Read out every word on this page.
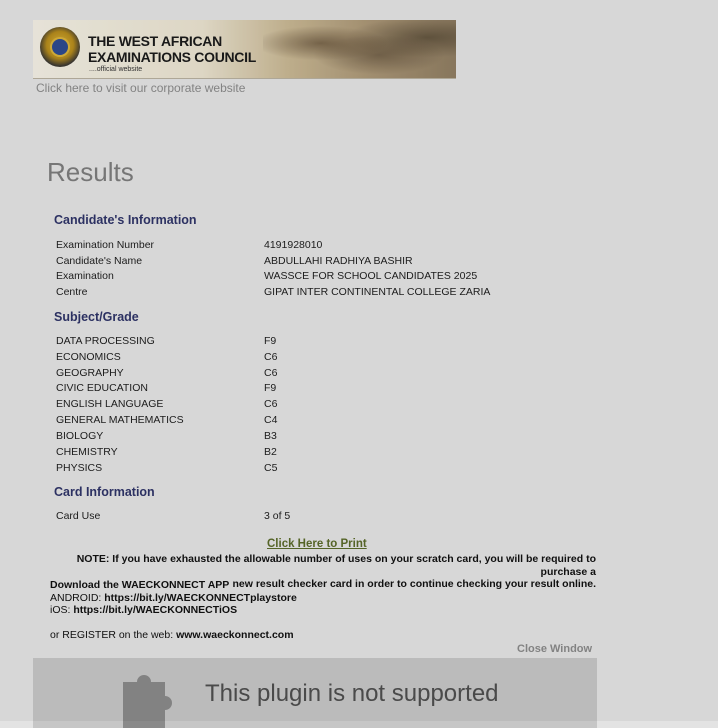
THE WEST AFRICAN
EXAMINATIONS COUNCIL
....official website
Click here to visit our corporate website
Results
Candidate's Information
Examination Number	4191928010
Candidate's Name	ABDULLAHI RADHIYA BASHIR
Examination	WASSCE FOR SCHOOL CANDIDATES 2025
Centre	GIPAT INTER CONTINENTAL COLLEGE ZARIA
Subject/Grade
DATA PROCESSING	F9
ECONOMICS	C6
GEOGRAPHY	C6
CIVIC EDUCATION	F9
ENGLISH LANGUAGE	C6
GENERAL MATHEMATICS	C4
BIOLOGY	B3
CHEMISTRY	B2
PHYSICS	C5
Card Information
Card Use	3 of 5
Click Here to Print
NOTE: If you have exhausted the allowable number of uses on your scratch card, you will be required to purchase a
new result checker card in order to continue checking your result online.
Download the WAECKONNECT APP
ANDROID: https://bit.ly/WAECKONNECTplaystore
iOS: https://bit.ly/WAECKONNECTiOS
or REGISTER on the web: www.waeckonnect.com
Close Window
This plugin is not supported
